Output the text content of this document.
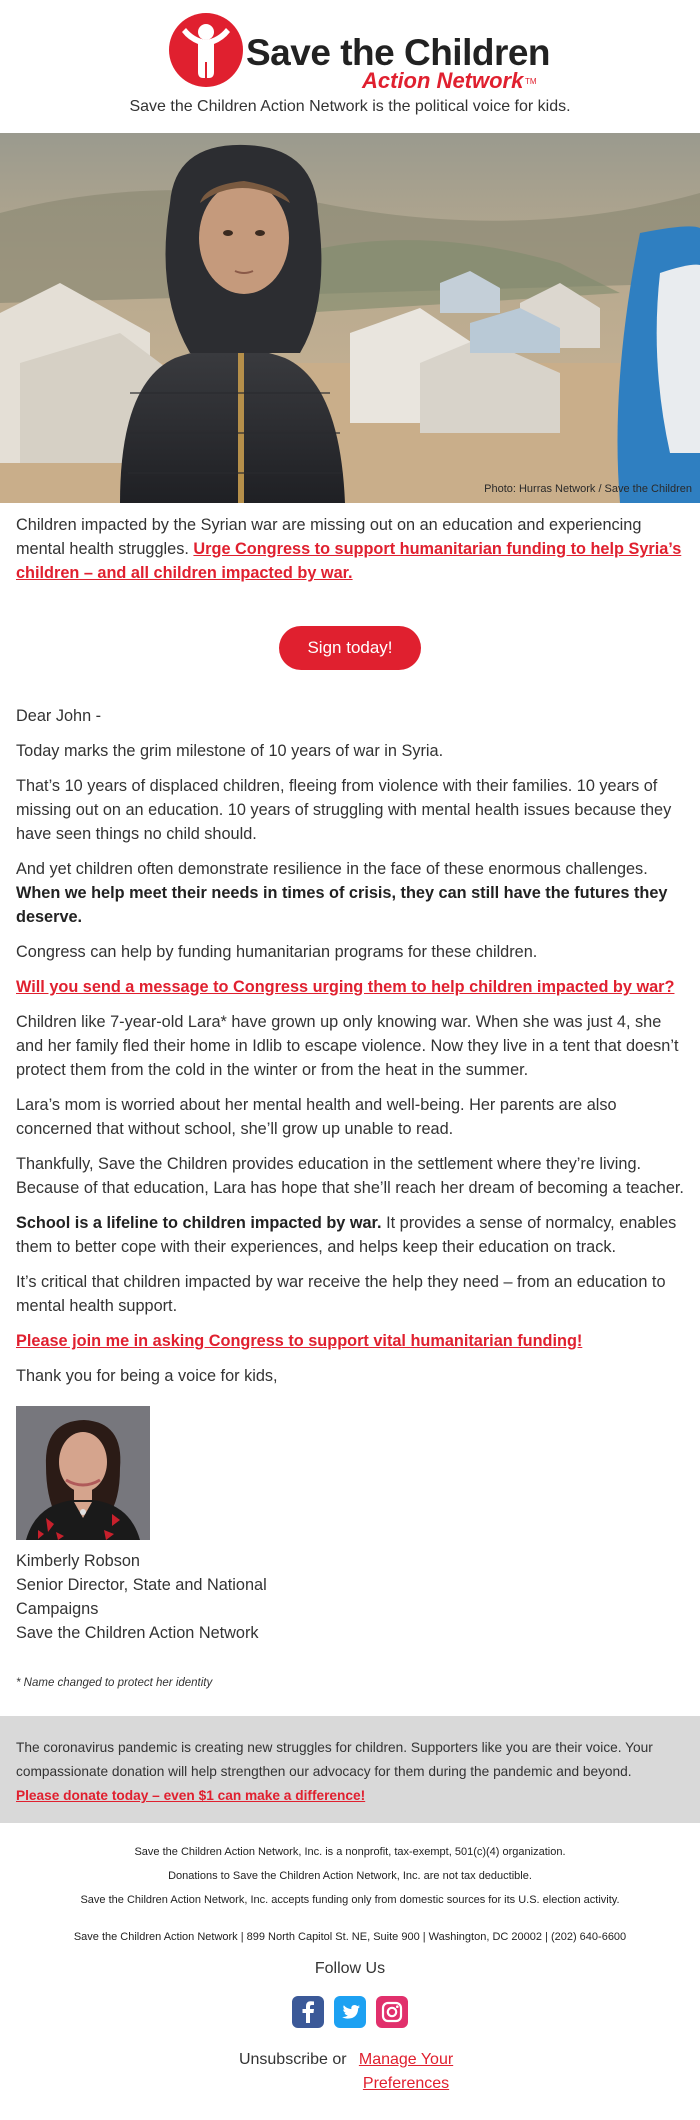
Save the Children
Action Network TM
Save the Children Action Network is the political voice for kids.
Photo: Hurras Network / Save the Children

Children impacted by the Syrian war are missing out on an education and experiencing mental health struggles. Urge Congress to support humanitarian funding to help Syria’s children – and all children impacted by war.

Sign today!

Dear John -

Today marks the grim milestone of 10 years of war in Syria.

That’s 10 years of displaced children, fleeing from violence with their families. 10 years of missing out on an education. 10 years of struggling with mental health issues because they have seen things no child should.

And yet children often demonstrate resilience in the face of these enormous challenges. When we help meet their needs in times of crisis, they can still have the futures they deserve.

Congress can help by funding humanitarian programs for these children.

Will you send a message to Congress urging them to help children impacted by war?

Children like 7-year-old Lara* have grown up only knowing war. When she was just 4, she and her family fled their home in Idlib to escape violence. Now they live in a tent that doesn’t protect them from the cold in the winter or from the heat in the summer.

Lara’s mom is worried about her mental health and well-being. Her parents are also concerned that without school, she’ll grow up unable to read.

Thankfully, Save the Children provides education in the settlement where they’re living. Because of that education, Lara has hope that she’ll reach her dream of becoming a teacher.

School is a lifeline to children impacted by war. It provides a sense of normalcy, enables them to better cope with their experiences, and helps keep their education on track.

It’s critical that children impacted by war receive the help they need – from an education to mental health support.

Please join me in asking Congress to support vital humanitarian funding!

Thank you for being a voice for kids,

Kimberly Robson

Senior Director, State and National

Campaigns

Save the Children Action Network

* Name changed to protect her identity

The coronavirus pandemic is creating new struggles for children. Supporters like you are their voice. Your compassionate donation will help strengthen our advocacy for them during the pandemic and beyond.
Please donate today – even $1 can make a difference!

Save the Children Action Network, Inc. is a nonprofit, tax-exempt, 501(c)(4) organization.
Donations to Save the Children Action Network, Inc. are not tax deductible.
Save the Children Action Network, Inc. accepts funding only from domestic sources for its U.S. election activity.
Save the Children Action Network | 899 North Capitol St. NE, Suite 900 | Washington, DC 20002 | (202) 640-6600
Follow Us
Unsubscribe or Manage Your Preferences
